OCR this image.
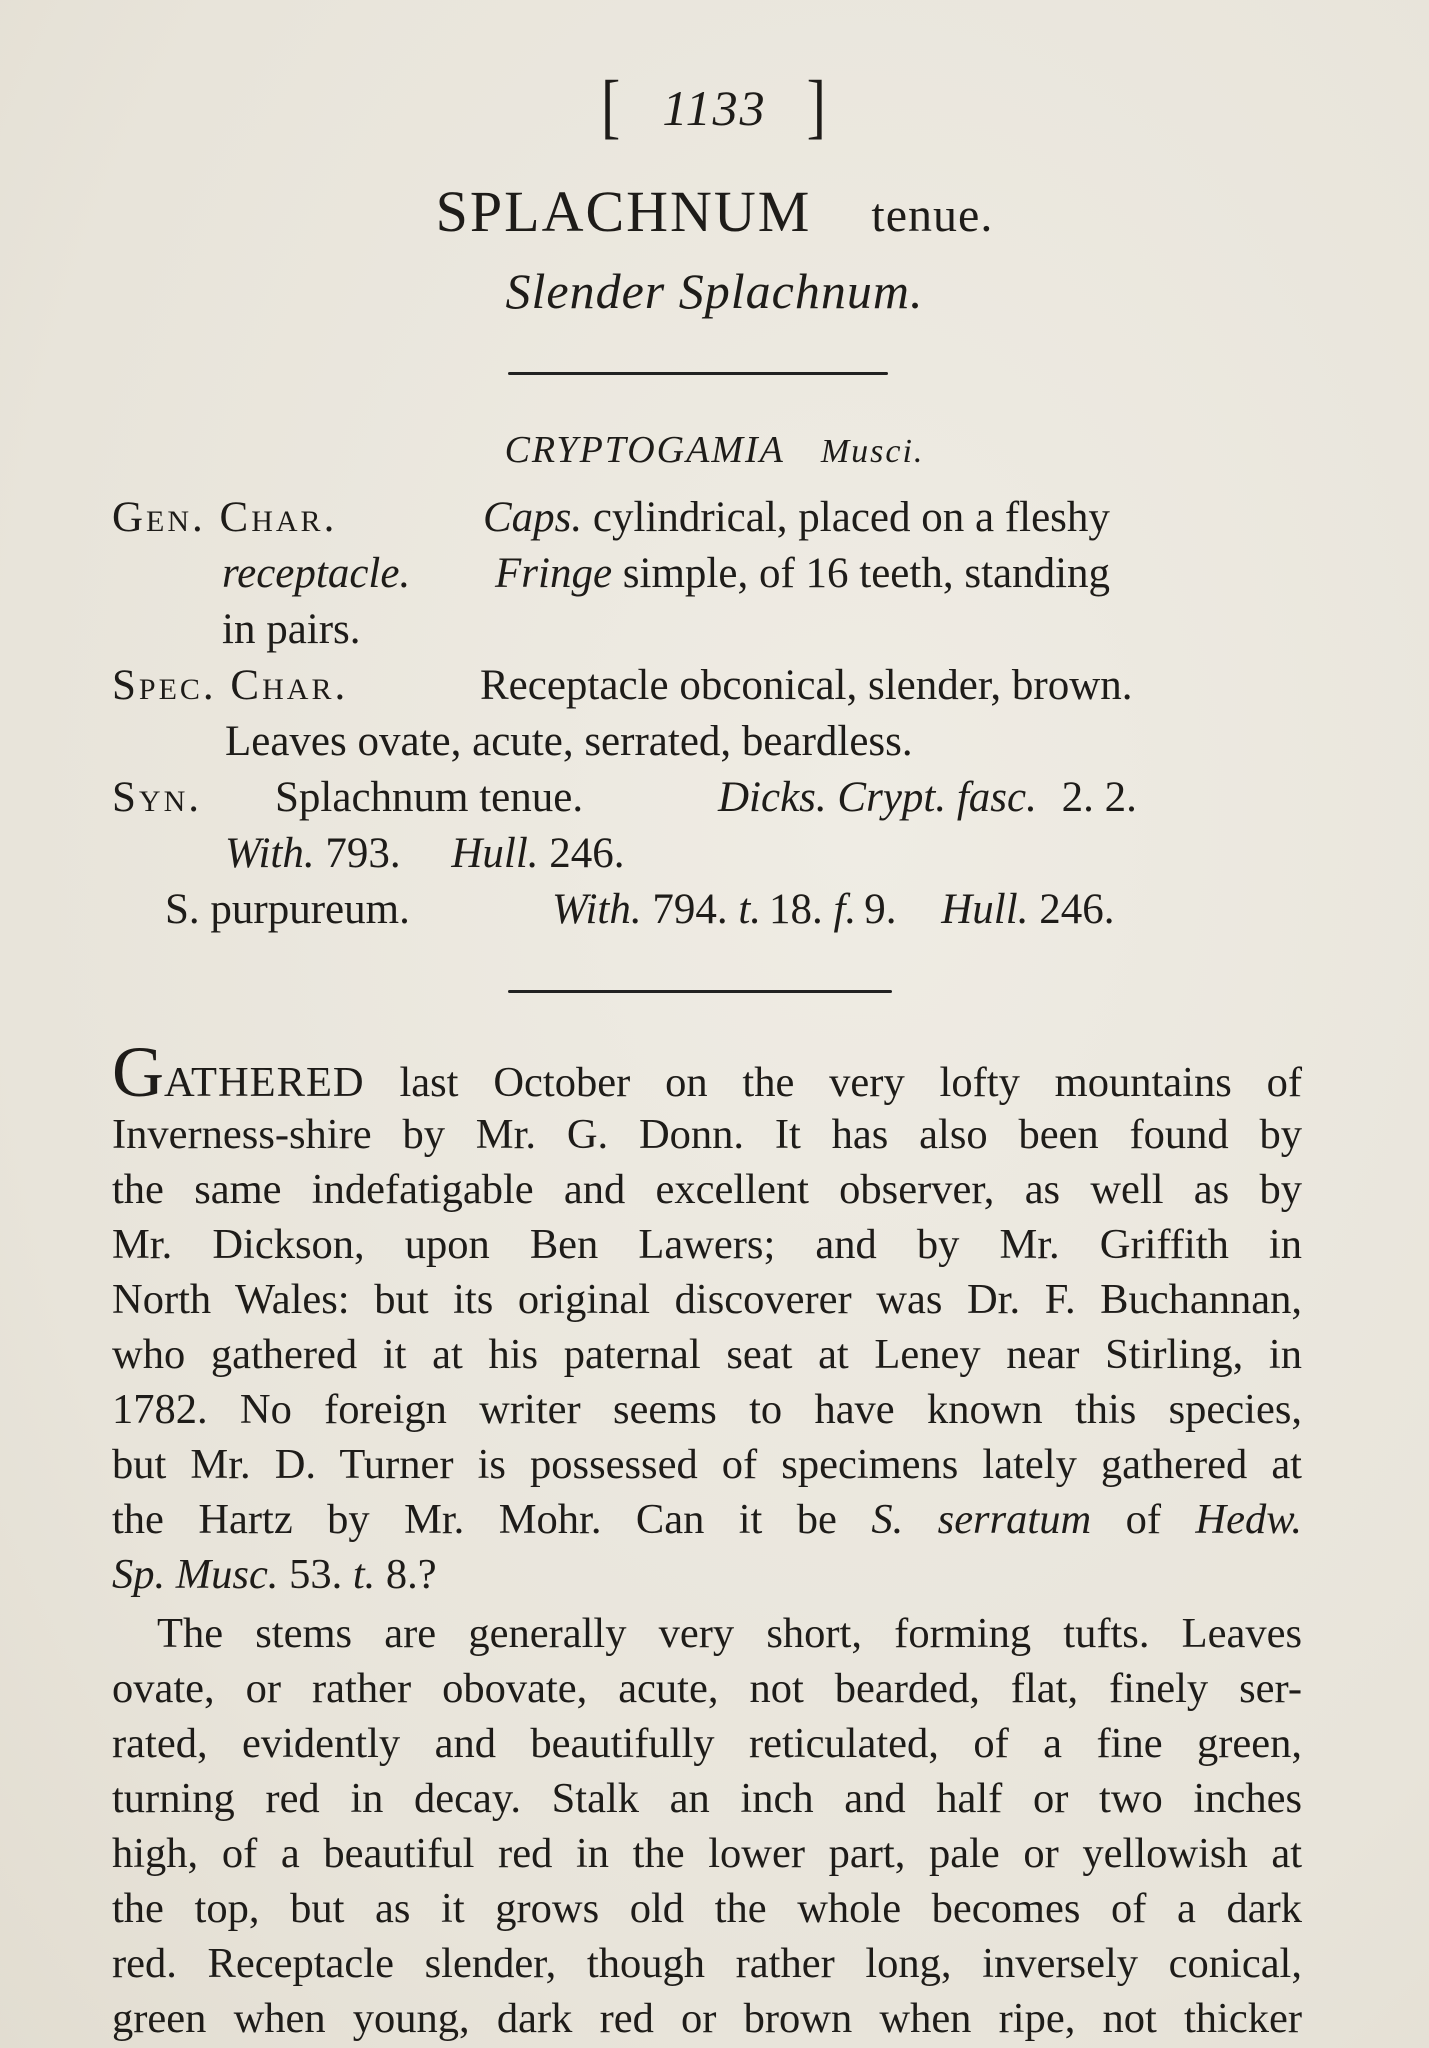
[ 1133 ]
SPLACHNUM tenue.
Slender Splachnum.
CRYPTOGAMIA Musci.
Gen. Char.	Caps. cylindrical, placed on a fleshy
receptacle. Fringe simple, of 16 teeth, standing
in pairs.
Spec. Char.	Receptacle obconical, slender, brown.
Leaves ovate, acute, serrated, beardless.
Syn. Splachnum tenue.	Dicks. Crypt. fasc. 2. 2.
With. 793. Hull. 246.
S. purpureum.	With. 794. t. 18. f. 9. Hull. 246.
GATHERED last October on the very lofty mountains of
Inverness-shire by Mr. G. Donn. It has also been found by
the same indefatigable and excellent observer, as well as by
Mr. Dickson, upon Ben Lawers; and by Mr. Griffith in
North Wales: but its original discoverer was Dr. F. Buchannan,
who gathered it at his paternal seat at Leney near Stirling, in
1782. No foreign writer seems to have known this species,
but Mr. D. Turner is possessed of specimens lately gathered at
the Hartz by Mr. Mohr. Can it be S. serratum of Hedw.
Sp. Musc. 53. t. 8.?
The stems are generally very short, forming tufts. Leaves
ovate, or rather obovate, acute, not bearded, flat, finely ser-
rated, evidently and beautifully reticulated, of a fine green,
turning red in decay. Stalk an inch and half or two inches
high, of a beautiful red in the lower part, pale or yellowish at
the top, but as it grows old the whole becomes of a dark
red. Receptacle slender, though rather long, inversely conical,
green when young, dark red or brown when ripe, not thicker
